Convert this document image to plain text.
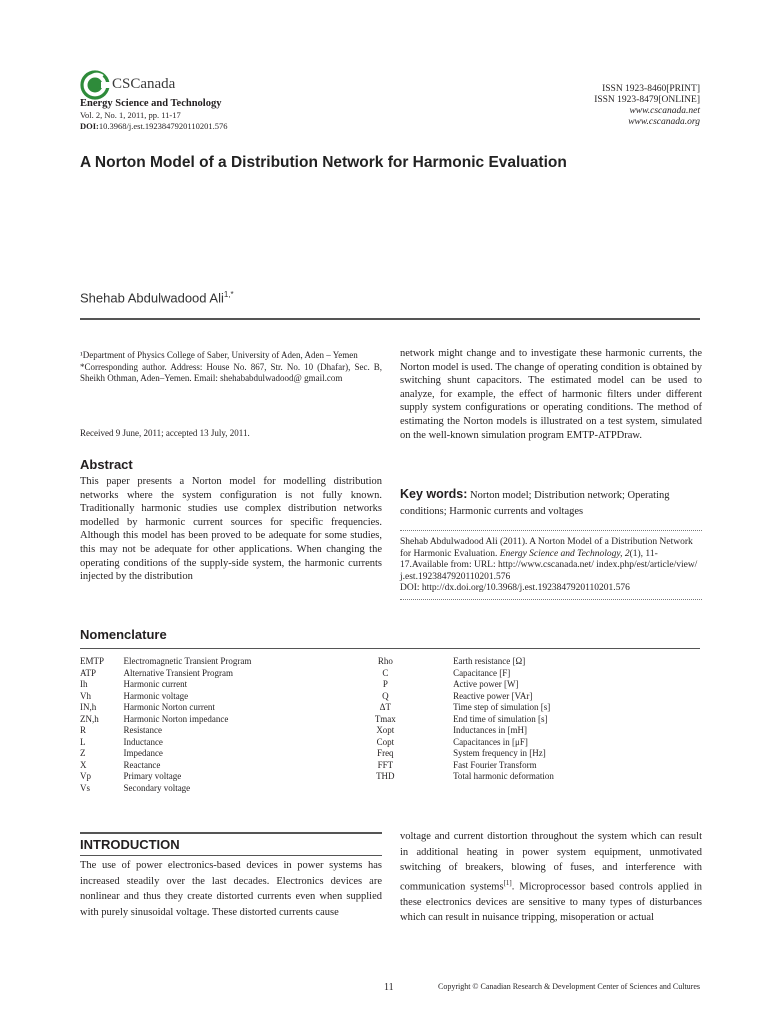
CSCanada
Energy Science and Technology
Vol. 2, No. 1, 2011, pp. 11-17
DOI:10.3968/j.est.1923847920110201.576
ISSN 1923-8460[PRINT]
ISSN 1923-8479[ONLINE]
www.cscanada.net
www.cscanada.org
A Norton Model of a Distribution Network for Harmonic Evaluation
Shehab Abdulwadood Ali$^{1,*}$
¹Department of Physics College of Saber, University of Aden, Aden – Yemen
*Corresponding author. Address: House No. 867, Str. No. 10 (Dhafar), Sec. B, Sheikh Othman, Aden–Yemen. Email: shehababdulwadood@ gmail.com
Received 9 June, 2011; accepted 13 July, 2011.
Abstract
This paper presents a Norton model for modelling distribution networks where the system configuration is not fully known. Traditionally harmonic studies use complex distribution networks modelled by harmonic current sources for specific frequencies. Although this model has been proved to be adequate for some studies, this may not be adequate for other applications. When changing the operating conditions of the supply-side system, the harmonic currents injected by the distribution
network might change and to investigate these harmonic currents, the Norton model is used. The change of operating condition is obtained by switching shunt capacitors. The estimated model can be used to analyze, for example, the effect of harmonic filters under different supply system configurations or operating conditions. The method of estimating the Norton models is illustrated on a test system, simulated on the well-known simulation program EMTP-ATPDraw.
Key words: Norton model; Distribution network; Operating conditions; Harmonic currents and voltages
Shehab Abdulwadood Ali (2011). A Norton Model of a Distribution Network for Harmonic Evaluation. Energy Science and Technology, 2(1), 11-17.Available from: URL: http://www.cscanada.net/ index.php/est/article/view/ j.est.1923847920110201.576
DOI: http://dx.doi.org/10.3968/j.est.1923847920110201.576
Nomenclature
EMTP	Electromagnetic Transient Program	Rho	Earth resistance [Ω]
ATP	Alternative Transient Program	C	Capacitance [F]
Ih	Harmonic current	P	Active power [W]
Vh	Harmonic voltage	Q	Reactive power [VAr]
IN,h	Harmonic Norton current	ΔT	Time step of simulation [s]
ZN,h	Harmonic Norton impedance	Tmax	End time of simulation [s]
R	Resistance	Xopt	Inductances in [mH]
L	Inductance	Copt	Capacitances in [μF]
Z	Impedance	Freq	System frequency in [Hz]
X	Reactance	FFT	Fast Fourier Transform
Vp	Primary voltage	THD	Total harmonic deformation
Vs	Secondary voltage		
INTRODUCTION
The use of power electronics-based devices in power systems has increased steadily over the last decades. Electronics devices are nonlinear and thus they create distorted currents even when supplied with purely sinusoidal voltage. These distorted currents cause
voltage and current distortion throughout the system which can result in additional heating in power system equipment, unmotivated switching of breakers, blowing of fuses, and interference with communication systems[1]. Microprocessor based controls applied in these electronics devices are sensitive to many types of disturbances which can result in nuisance tripping, misoperation or actual
11	Copyright © Canadian Research & Development Center of Sciences and Cultures
